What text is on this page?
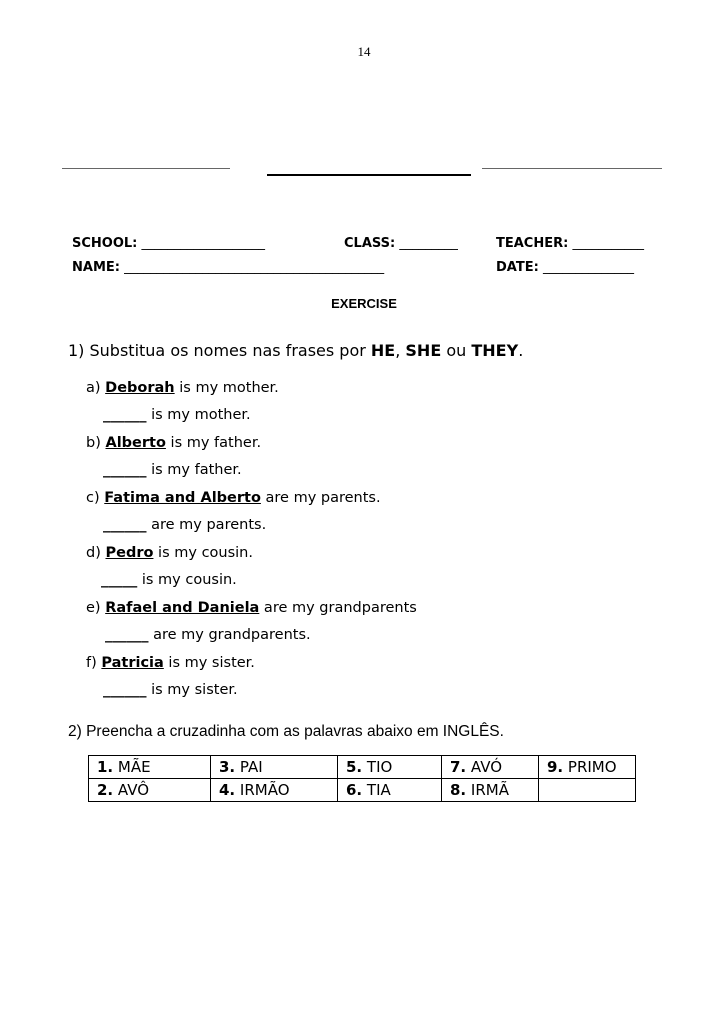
14
SCHOOL: ___________________	CLASS: _________	TEACHER: ___________
NAME: ________________________________________	DATE: ______________
EXERCISE
1) Substitua os nomes nas frases por HE, SHE ou THEY.
a) Deborah is my mother.
______ is my mother.
b) Alberto is my father.
______ is my father.
c) Fatima and Alberto are my parents.
______ are my parents.
d) Pedro is my cousin.
_____ is my cousin.
e) Rafael and Daniela are my grandparents
______ are my grandparents.
f) Patricia is my sister.
______ is my sister.
2) Preencha a cruzadinha com as palavras abaixo em INGLÊS.
1. MÃE	3. PAI	5. TIO	7. AVÓ	9. PRIMO
2. AVÔ	4. IRMÃO	6. TIA	8. IRMÃ	
